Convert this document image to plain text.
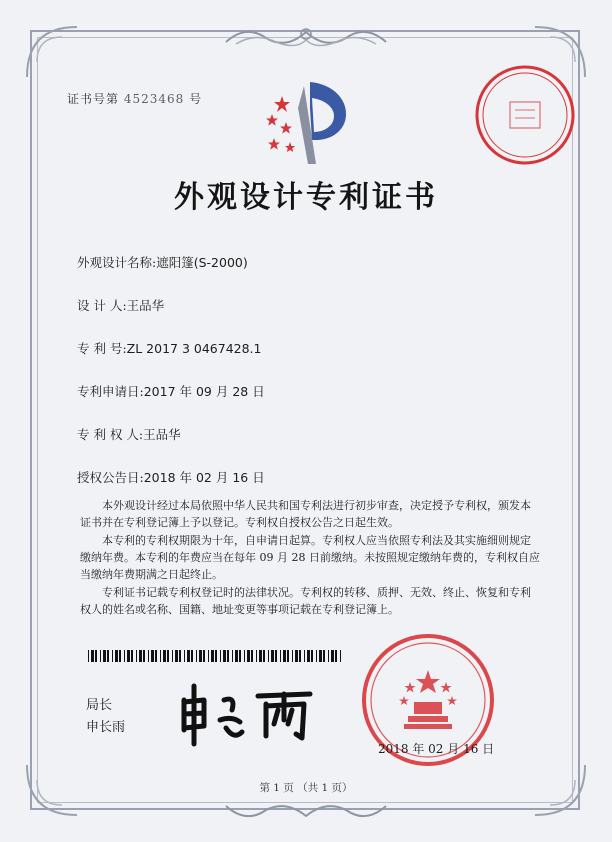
证书号第 4523468 号
外观设计专利证书
外观设计名称:遮阳篷(S-2000)
设 计 人:王品华
专 利 号:ZL 2017 3 0467428.1
专利申请日:2017 年 09 月 28 日
专 利 权 人:王品华
授权公告日:2018 年 02 月 16 日

本外观设计经过本局依照中华人民共和国专利法进行初步审查，决定授予专利权，颁发本证书并在专利登记簿上予以登记。专利权自授权公告之日起生效。

本专利的专利权期限为十年，自申请日起算。专利权人应当依照专利法及其实施细则规定缴纳年费。本专利的年费应当在每年 09 月 28 日前缴纳。未按照规定缴纳年费的，专利权自应当缴纳年费期满之日起终止。

专利证书记载专利权登记时的法律状况。专利权的转移、质押、无效、终止、恢复和专利权人的姓名或名称、国籍、地址变更等事项记载在专利登记簿上。

局长
申长雨
2018 年 02 月 16 日
第 1 页 （共 1 页）
